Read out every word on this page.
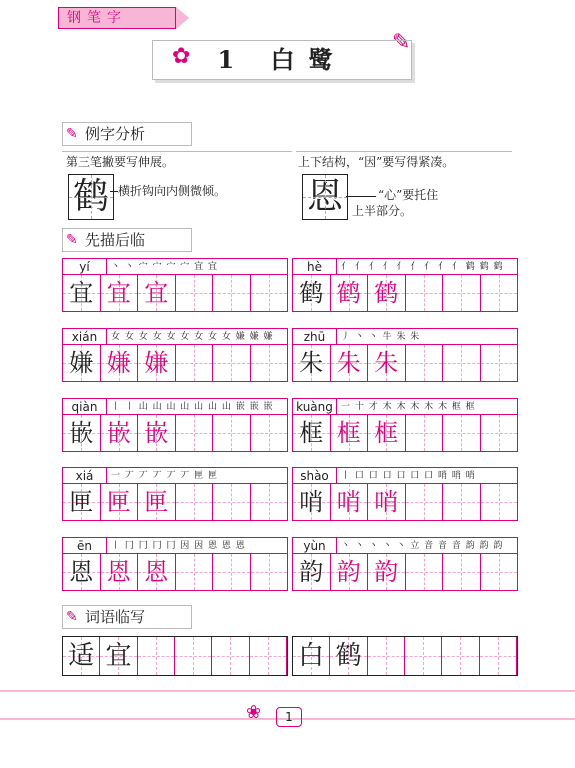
钢笔字
✿
✎
1 白鹭
✎ 例字分析
第三笔撇要写伸展。
鹤 横折钩向内侧微倾。
上下结构，“因”要写得紧凑。
恩	“心”要托住
上半部分。
✎ 先描后临
yí	丶 丶 宀 宀 宀 宀 宜 宜
宜 宜 宜
hè	亻 亻 亻 亻 亻 亻 亻 亻 亻 鹤 鹤 鹤
鹤 鹤 鹤
xián	女 女 女 女 女 女 女 女 女 嫌 嫌 嫌
嫌 嫌 嫌
zhū	丿 丶 丶 牛 朱 朱
朱 朱 朱
qiàn	丨 丨 山 山 山 山 山 山 山 嵌 嵌 嵌
嵌 嵌 嵌
kuàng 一 十 才 木 木 木 木 木 框 框
框 框 框
xiá	一 丆 丆 丆 丆 丆 匣 匣
匣 匣 匣
shào	丨 口 口 口 口 口 口 哨 哨 哨
哨 哨 哨
ēn	丨 冂 冂 冂 冂 因 因 恩 恩 恩
恩 恩 恩
yùn	丶 丶 丶 丶 丶 立 音 音 音 韵 韵 韵
韵 韵 韵
✎ 词语临写
适 宜	白 鹤
❀	1
